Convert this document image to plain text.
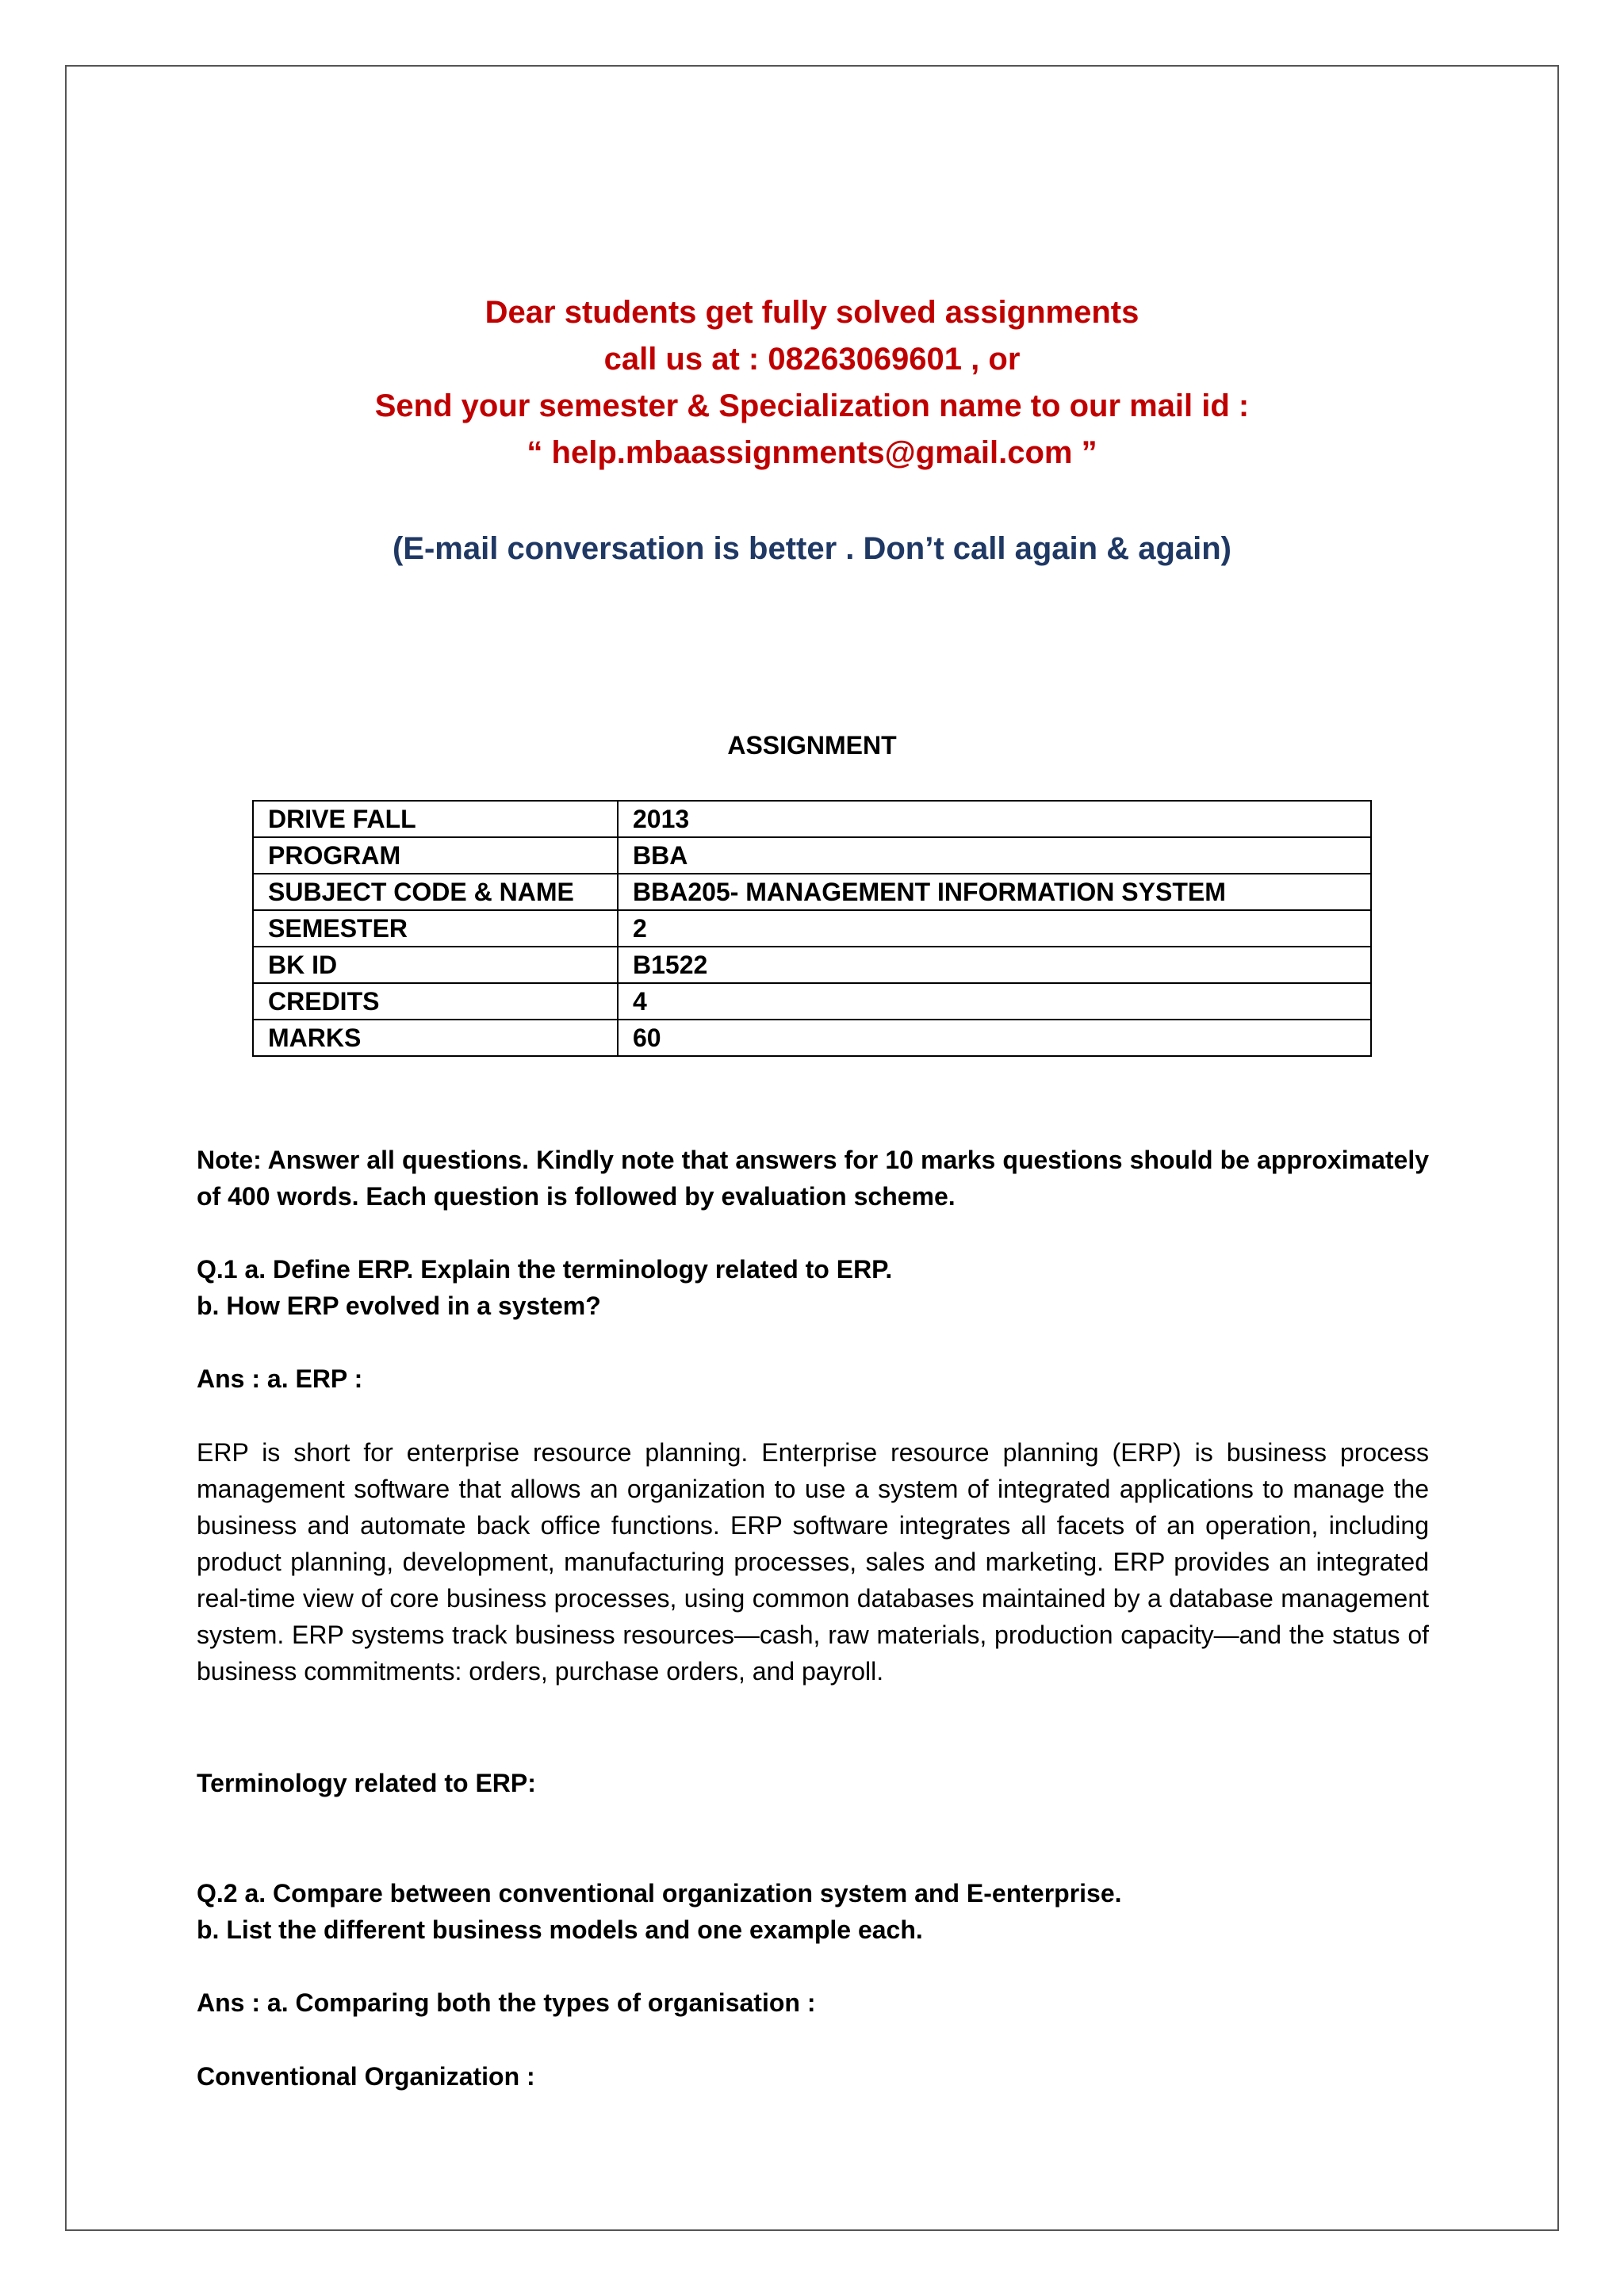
Dear students get fully solved assignments
call us at : 08263069601 , or
Send your semester & Specialization name to our mail id :
“ help.mbaassignments@gmail.com ”
(E-mail conversation is better . Don’t call again & again)
ASSIGNMENT
DRIVE FALL	2013
PROGRAM	BBA
SUBJECT CODE & NAME	BBA205- MANAGEMENT INFORMATION SYSTEM
SEMESTER	2
BK ID	B1522
CREDITS	4
MARKS	60
Note: Answer all questions. Kindly note that answers for 10 marks questions should be approximately of 400 words. Each question is followed by evaluation scheme.
Q.1 a. Define ERP. Explain the terminology related to ERP.
b. How ERP evolved in a system?
Ans : a. ERP :
ERP is short for enterprise resource planning. Enterprise resource planning (ERP) is business process management software that allows an organization to use a system of integrated applications to manage the business and automate back office functions. ERP software integrates all facets of an operation, including product planning, development, manufacturing processes, sales and marketing. ERP provides an integrated real-time view of core business processes, using common databases maintained by a database management system. ERP systems track business resources—cash, raw materials, production capacity—and the status of business commitments: orders, purchase orders, and payroll.
Terminology related to ERP:
Q.2 a. Compare between conventional organization system and E-enterprise.
b. List the different business models and one example each.
Ans : a. Comparing both the types of organisation :
Conventional Organization :
